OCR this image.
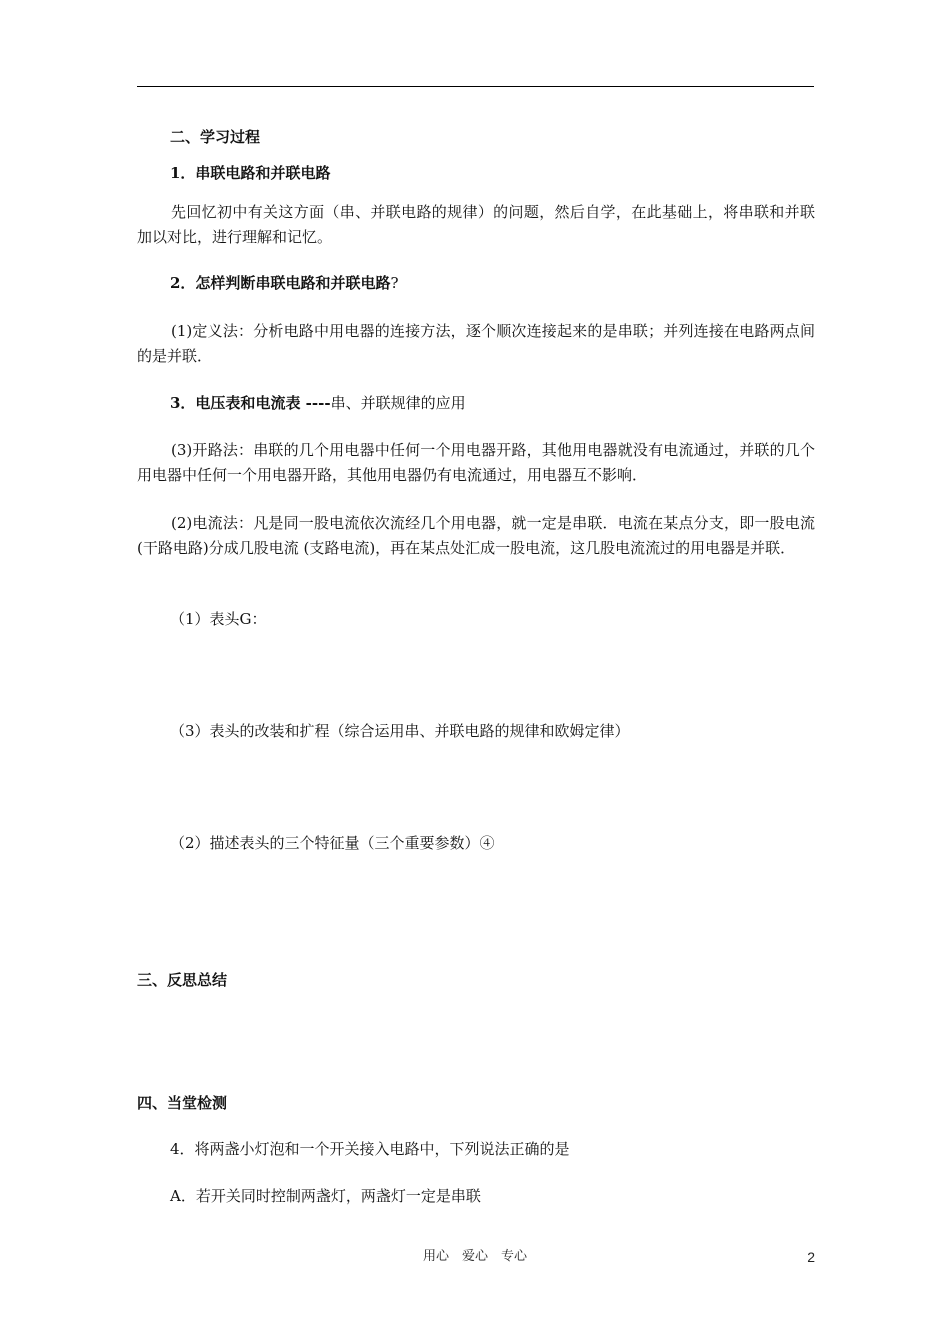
二、学习过程

1．串联电路和并联电路

先回忆初中有关这方面（串、并联电路的规律）的问题，然后自学，在此基础上，将串联和并联加以对比，进行理解和记忆。

2．怎样判断串联电路和并联电路?

(1)定义法：分析电路中用电器的连接方法，逐个顺次连接起来的是串联；并列连接在电路两点间的是并联．

3．电压表和电流表 ----串、并联规律的应用

(3)开路法：串联的几个用电器中任何一个用电器开路，其他用电器就没有电流通过，并联的几个用电器中任何一个用电器开路，其他用电器仍有电流通过，用电器互不影响．

(2)电流法：凡是同一股电流依次流经几个用电器，就一定是串联．电流在某点分支，即一股电流(干路电路)分成几股电流 (支路电流)，再在某点处汇成一股电流，这几股电流流过的用电器是并联．

（1）表头G：

（3）表头的改装和扩程（综合运用串、并联电路的规律和欧姆定律）

（2）描述表头的三个特征量（三个重要参数）④

三、反思总结

四、当堂检测

4．将两盏小灯泡和一个开关接入电路中，下列说法正确的是

A．若开关同时控制两盏灯，两盏灯一定是串联

用心　爱心　专心	2
